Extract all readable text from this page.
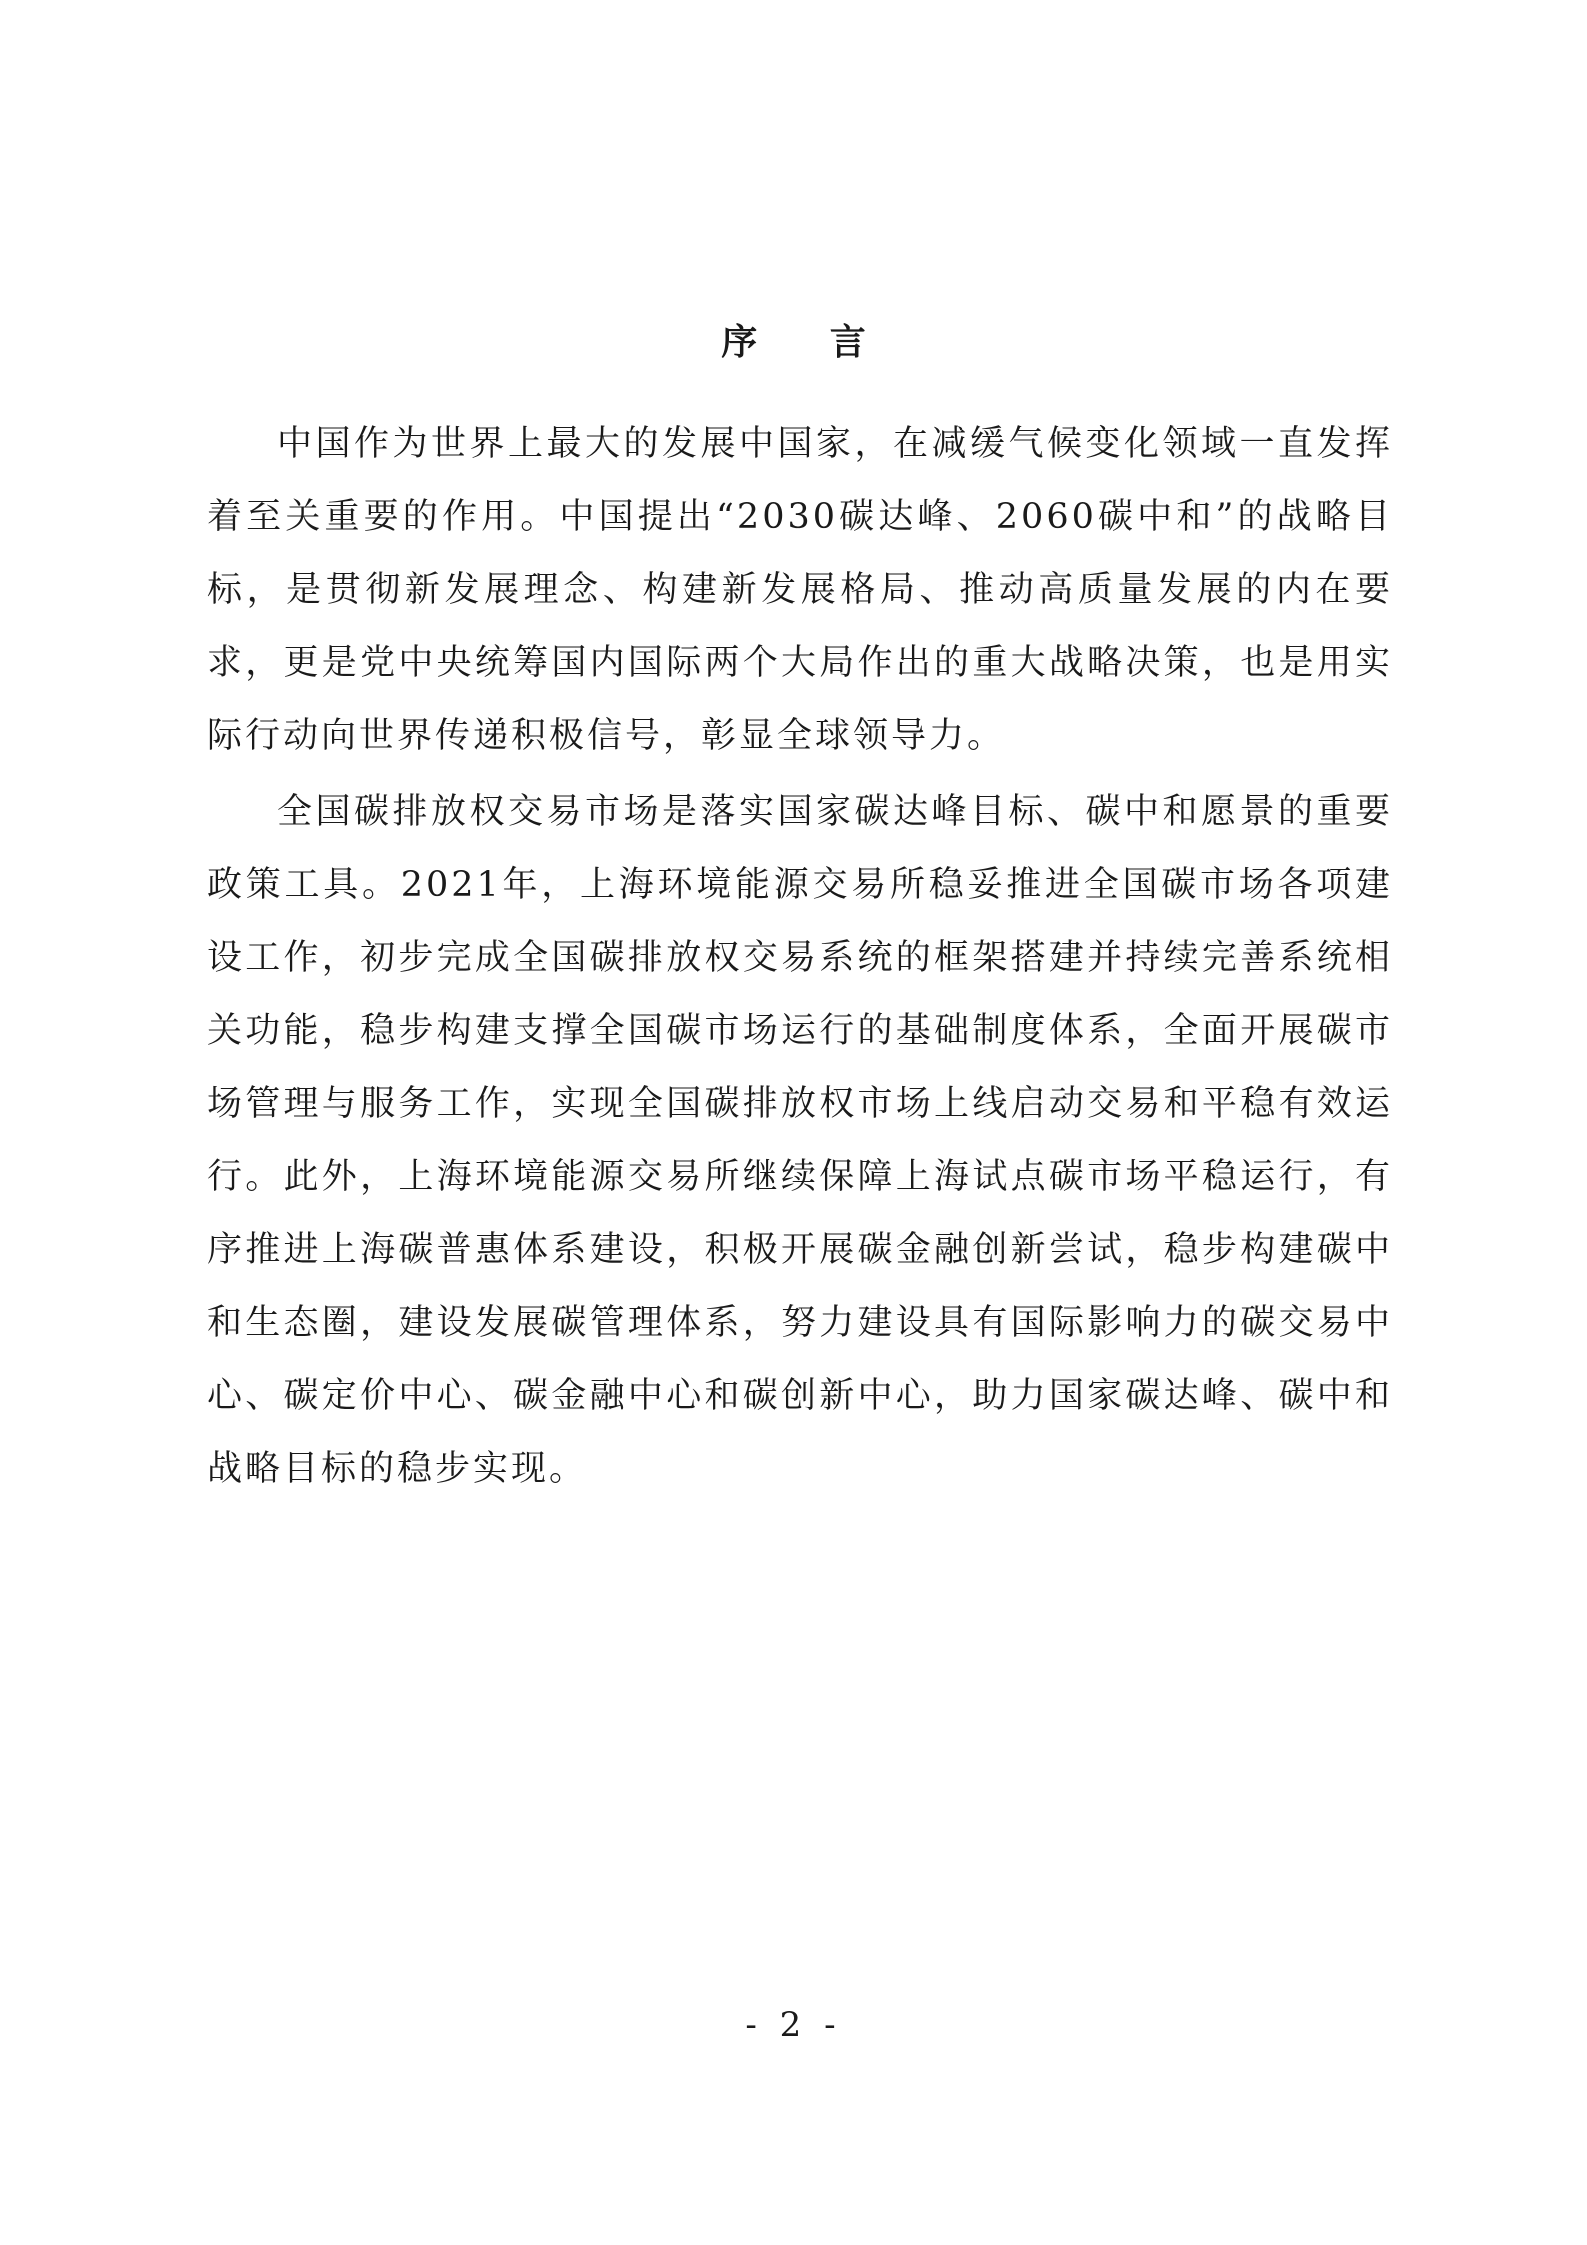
序 言

中国作为世界上最大的发展中国家，在减缓气候变化领域一直发挥着至关重要的作用。中国提出“2030碳达峰、2060碳中和”的战略目标，是贯彻新发展理念、构建新发展格局、推动高质量发展的内在要求，更是党中央统筹国内国际两个大局作出的重大战略决策，也是用实际行动向世界传递积极信号，彰显全球领导力。

全国碳排放权交易市场是落实国家碳达峰目标、碳中和愿景的重要政策工具。2021年，上海环境能源交易所稳妥推进全国碳市场各项建设工作，初步完成全国碳排放权交易系统的框架搭建并持续完善系统相关功能，稳步构建支撑全国碳市场运行的基础制度体系，全面开展碳市场管理与服务工作，实现全国碳排放权市场上线启动交易和平稳有效运行。此外，上海环境能源交易所继续保障上海试点碳市场平稳运行，有序推进上海碳普惠体系建设，积极开展碳金融创新尝试，稳步构建碳中和生态圈，建设发展碳管理体系，努力建设具有国际影响力的碳交易中心、碳定价中心、碳金融中心和碳创新中心，助力国家碳达峰、碳中和战略目标的稳步实现。

- 2 -
